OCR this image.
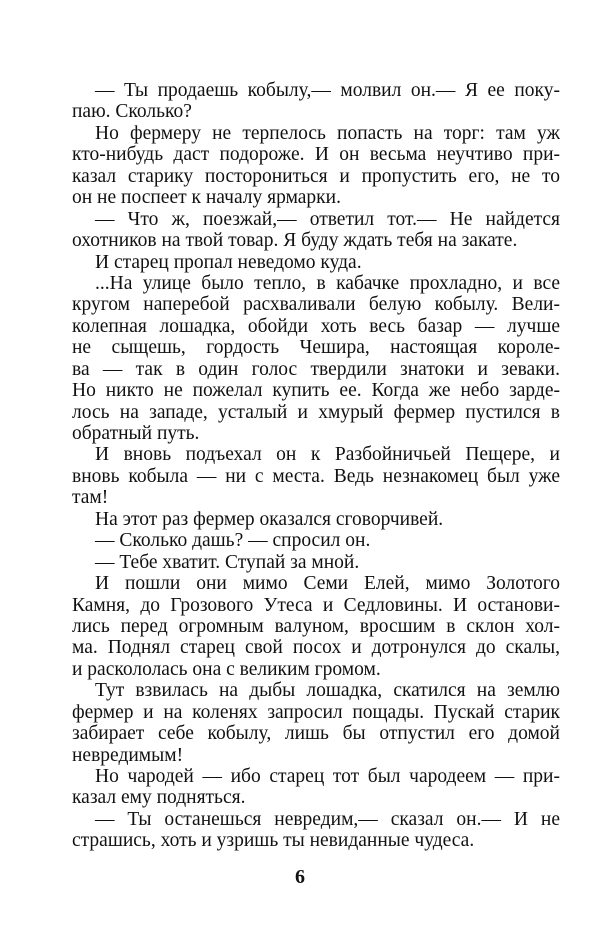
— Ты продаешь кобылу,— молвил он.— Я ее поку-
паю. Сколько?
Но фермеру не терпелось попасть на торг: там уж
кто-нибудь даст подороже. И он весьма неучтиво при-
казал старику посторониться и пропустить его, не то
он не поспеет к началу ярмарки.
— Что ж, поезжай,— ответил тот.— Не найдется
охотников на твой товар. Я буду ждать тебя на закате.
И старец пропал неведомо куда.
...На улице было тепло, в кабачке прохладно, и все
кругом наперебой расхваливали белую кобылу. Вели-
колепная лошадка, обойди хоть весь базар — лучше
не сыщешь, гордость Чешира, настоящая короле-
ва — так в один голос твердили знатоки и зеваки.
Но никто не пожелал купить ее. Когда же небо зарде-
лось на западе, усталый и хмурый фермер пустился в
обратный путь.
И вновь подъехал он к Разбойничьей Пещере, и
вновь кобыла — ни с места. Ведь незнакомец был уже
там!
На этот раз фермер оказался сговорчивей.
— Сколько дашь? — спросил он.
— Тебе хватит. Ступай за мной.
И пошли они мимо Семи Елей, мимо Золотого
Камня, до Грозового Утеса и Седловины. И останови-
лись перед огромным валуном, вросшим в склон хол-
ма. Поднял старец свой посох и дотронулся до скалы,
и раскололась она с великим громом.
Тут взвилась на дыбы лошадка, скатился на землю
фермер и на коленях запросил пощады. Пускай старик
забирает себе кобылу, лишь бы отпустил его домой
невредимым!
Но чародей — ибо старец тот был чародеем — при-
казал ему подняться.
— Ты останешься невредим,— сказал он.— И не
страшись, хоть и узришь ты невиданные чудеса.
6
